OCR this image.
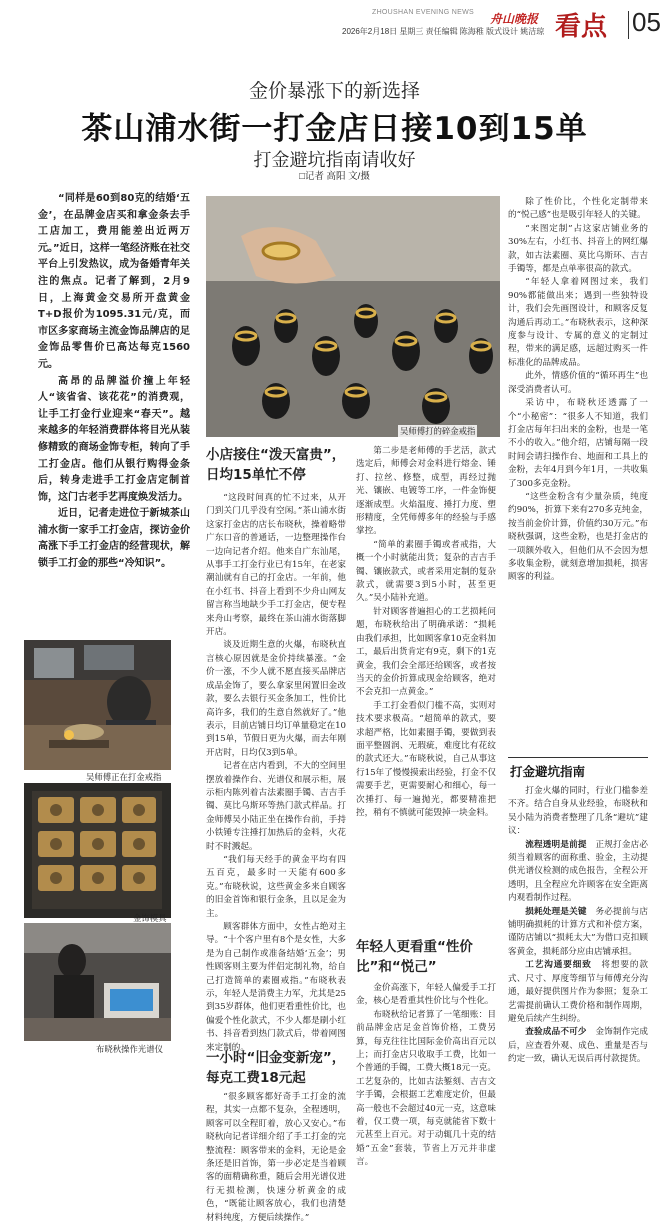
ZHOUSHAN EVENING NEWS
2026年2月18日 星期三 责任编辑 陈海稚 版式设计 姚洁琼
舟山晚报 看点 05
金价暴涨下的新选择
茶山浦水街一打金店日接10到15单
打金避坑指南请收好
□记者 高阳 文/摄

“同样是60到80克的结婚‘五金’，在品牌金店买和拿金条去手工店加工，费用能差出近两万元。”近日，这样一笔经济账在社交平台上引发热议，成为备婚青年关注的焦点。记者了解到，2月9日，上海黄金交易所开盘黄金T+D报价为1095.31元/克，而市区多家商场主流金饰品牌店的足金饰品零售价已高达每克1560元。

高昂的品牌溢价撞上年轻人“该省省、该花花”的消费观，让手工打金行业迎来“春天”。越来越多的年轻消费群体将目光从装修精致的商场金饰专柜，转向了手工打金店。他们从银行购得金条后，转身走进手工打金店定制首饰，这门古老手艺再度焕发活力。

近日，记者走进位于新城茶山浦水街一家手工打金店，探访金价高涨下手工打金店的经营现状，解锁手工打金的那些“冷知识”。

吴师傅正在打金戒指
金饰模具
布晓秋操作光谱仪
吴师傅打的碎金戒指
小店接住“泼天富贵”，日均15单忙不停

“这段时间真的忙不过来，从开门到关门几乎没有空闲。”茶山浦水街这家打金店的店长布晓秋，操着略带广东口音的普通话，一边整理操作台一边向记者介绍。他来自广东汕尾，从事手工打金行业已有15年，在老家潮汕就有自己的打金店。一年前，他在小红书、抖音上看到不少舟山网友留言称当地缺少手工打金店，便专程来舟山考察，最终在茶山浦水街落脚开店。

谈及近期生意的火爆，布晓秋直言核心原因就是金价持续暴涨。“金价一涨，不少人就不愿直接买品牌店成品金饰了，要么拿家里闲置旧金改款，要么去银行买金条加工，性价比高许多，我们的生意自然就好了。”他表示，目前店铺日均订单量稳定在10到15单，节假日更为火爆，而去年刚开店时，日均仅3到5单。

记者在店内看到，不大的空间里摆放着操作台、光谱仪和展示柜，展示柜内陈列着古法素圈手镯、吉吉手镯、莫比乌斯环等热门款式样品。打金师傅吴小陆正坐在操作台前，手持小铁锤专注捶打加热后的金料，火花时不时溅起。

“我们每天经手的黄金平均有四五百克，最多时一天能有600多克。”布晓秋说，这些黄金多来自顾客的旧金首饰和银行金条，且以足金为主。

顾客群体方面中，女性占绝对主导。“十个客户里有8个是女性，大多是为自己制作或准备结婚‘五金’；男性顾客则主要为伴侣定制礼物，给自己打造简单的素圈戒指。”布晓秋表示，年轻人是消费主力军，尤其是25到35岁群体，他们更看重性价比，也偏爱个性化款式，不少人都是刷小红书、抖音看到热门款式后，带着网图来定制的。

一小时“旧金变新宠”，每克工费18元起

“很多顾客都好奇手工打金的流程，其实一点都不复杂，全程透明，顾客可以全程盯着，放心又安心。”布晓秋向记者详细介绍了手工打金的完整流程：顾客带来的金料，无论是金条还是旧首饰，第一步必定是当着顾客的面精确称重，随后会用光谱仪进行无损检测，快速分析黄金的成色，“既能让顾客放心，我们也清楚材料纯度，方便后续操作。”

第二步是老师傅的手艺活，款式选定后，师傅会对金料进行熔金、锤打、拉丝、修整，成型，再经过抛光、镶嵌、电镀等工序，一件金饰便逐渐成型。火焰温度、捶打力度、塑形精度，全凭师傅多年的经验与手感掌控。

“简单的素圈手镯或者戒指，大概一个小时就能出货；复杂的吉吉手镯、镶嵌款式，或者采用定制的复杂款式，就需要3到5小时，甚至更久。”吴小陆补充道。

针对顾客普遍担心的工艺损耗问题，布晓秋给出了明确承诺：“损耗由我们承担，比如顾客拿10克金料加工，最后出货肯定有9克，剩下的1克黄金，我们会全部还给顾客，或者按当天的金价折算成现金给顾客，绝对不会克扣一点黄金。”

手工打金看似门槛不高，实则对技术要求极高。“超简单的款式，要求超严格，比如素圈手镯，要做到表面平整圆润、无瑕疵，难度比有花纹的款式还大。”布晓秋说，自己从事这行15年了慢慢摸索出经验，打金不仅需要手艺，更需要耐心和细心，每一次捶打、每一遍抛光，都要精准把控，稍有不慎就可能毁掉一块金料。

年轻人更看重“性价比”和“悦己”

金价高涨下，年轻人偏爱手工打金，核心是看重其性价比与个性化。

布晓秋给记者算了一笔细账：目前品牌金店足金首饰价格，工费另算，每克往往比国际金价高出百元以上；而打金店只收取手工费，比如一个普通的手镯，工费大概18元一克。工艺复杂的，比如古法錾刻、吉吉文字手镯，会根据工艺难度定价，但最高一般也不会超过40元一克，这意味着，仅工费一项，每克就能省下数十元甚至上百元。对于动辄几十克的结婚“五金”套装，节省上万元并非虚言。

除了性价比，个性化定制带来的“悦己感”也是吸引年轻人的关键。

“来图定制”占这家店铺业务的30%左右，小红书、抖音上的网红爆款，如古法素圈、莫比乌斯环、吉吉手镯等，都是点单率很高的款式。

“年轻人拿着网图过来，我们90%都能做出来；遇到一些独特设计，我们会先画图设计，和顾客反复沟通后再动工。”布晓秋表示，这种深度参与设计、专属的意义的定制过程，带来的满足感，远超过购买一件标准化的品牌成品。

此外，情感价值的“循环再生”也深受消费者认可。

采访中，布晓秋还透露了一个“小秘密”：“很多人不知道，我们打金店每年扫出来的金粉，也是一笔不小的收入。”他介绍，店铺每隔一段时间会请扫操作台、地面和工具上的金粉，去年4月到今年1月，一共收集了300多克金粉。

“这些金粉含有少量杂质，纯度约90%，折算下来有270多克纯金，按当前金价计算，价值约30万元。”布晓秋强调，这些金粉，也是打金店的一项额外收入，但他们从不会因为想多收集金粉，就刻意增加损耗，损害顾客的利益。

打金避坑指南

打金火爆的同时，行业门槛参差不齐。结合自身从业经验，布晓秋和吴小陆为消费者整理了几条“避坑”建议：

流程透明是前提　 正规打金店必须当着顾客的面称重、验金，主动提供光谱仪检测的成色报告，全程公开透明，且全程应允许顾客在安全距离内观看制作过程。

损耗处理是关键　 务必提前与店铺明确损耗的计算方式和补偿方案，谨防店铺以“损耗太大”为借口克扣顾客黄金，损耗部分应由店铺承担。

工艺沟通要细致　 将想要的款式、尺寸、厚度等细节与师傅充分沟通，最好提供图片作为参照；复杂工艺需提前确认工费价格和制作周期，避免后续产生纠纷。

查验成品不可少　 金饰制作完成后，应查看外观、成色、重量是否与约定一致，确认无误后再付款提货。
